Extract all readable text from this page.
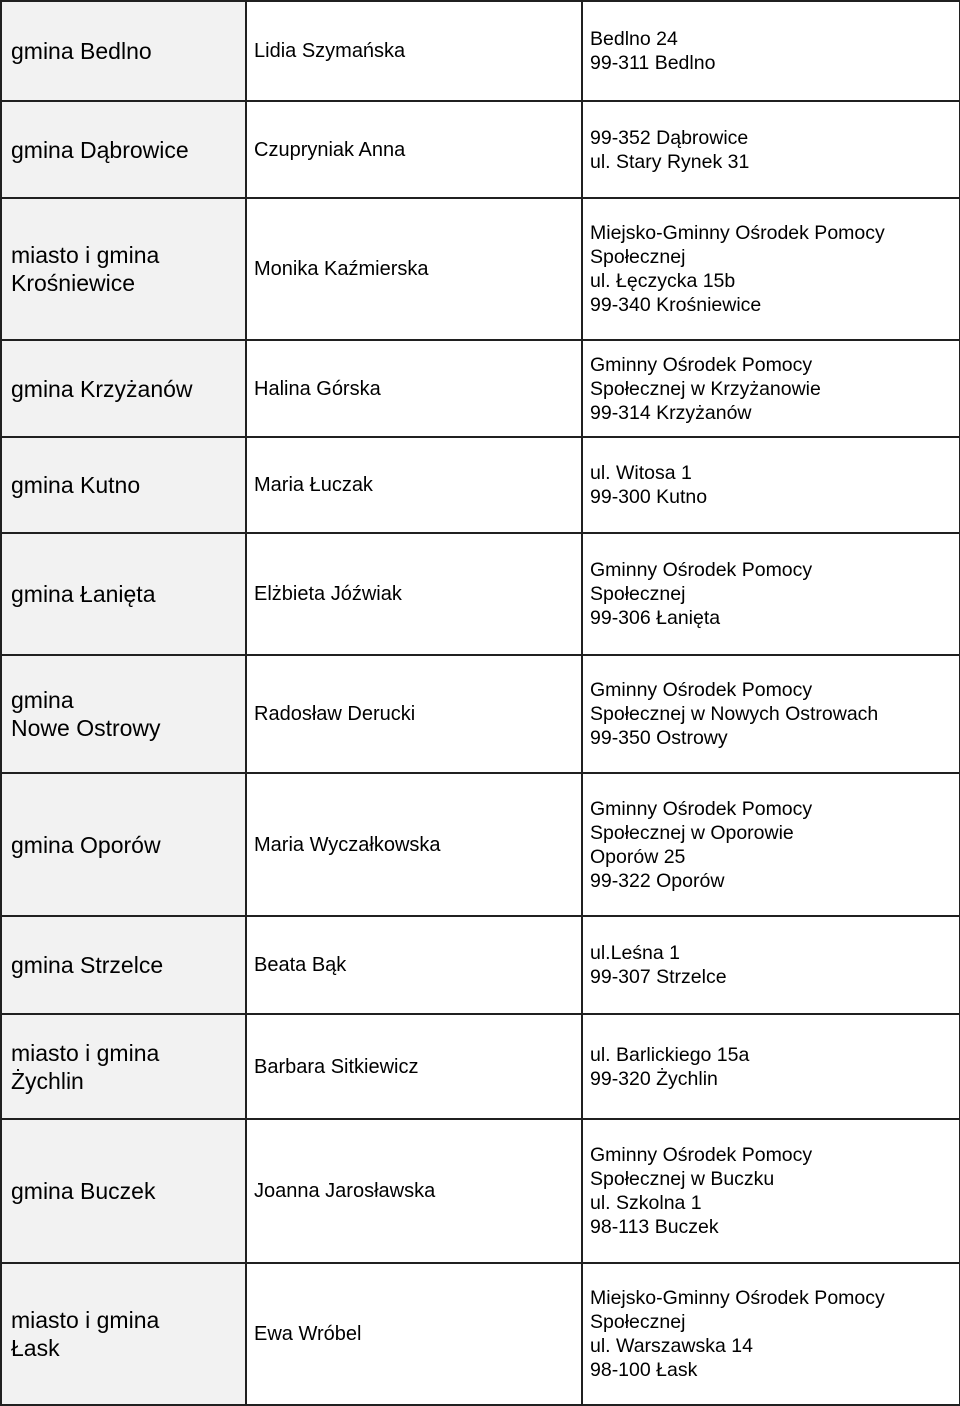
gmina Bedlno	Lidia Szymańska	Bedlno 24
99-311 Bedlno

gmina Dąbrowice	Czupryniak Anna	99-352 Dąbrowice
ul. Stary Rynek 31

miasto i gmina
Krośniewice	Monika Kaźmierska	Miejsko-Gminny Ośrodek Pomocy
Społecznej
ul. Łęczycka 15b
99-340 Krośniewice

gmina Krzyżanów	Halina Górska	Gminny Ośrodek Pomocy
Społecznej w Krzyżanowie
99-314 Krzyżanów

gmina Kutno	Maria Łuczak	ul. Witosa 1
99-300 Kutno

gmina Łanięta	Elżbieta Jóźwiak	Gminny Ośrodek Pomocy
Społecznej
99-306 Łanięta

gmina
Nowe Ostrowy	Radosław Derucki	Gminny Ośrodek Pomocy
Społecznej w Nowych Ostrowach
99-350 Ostrowy

gmina Oporów	Maria Wyczałkowska	Gminny Ośrodek Pomocy
Społecznej w Oporowie
Oporów 25
99-322 Oporów

gmina Strzelce	Beata Bąk	ul.Leśna 1
99-307 Strzelce

miasto i gmina
Żychlin	Barbara Sitkiewicz	ul. Barlickiego 15a
99-320 Żychlin

gmina Buczek	Joanna Jarosławska	Gminny Ośrodek Pomocy
Społecznej w Buczku
ul. Szkolna 1
98-113 Buczek

miasto i gmina
Łask	Ewa Wróbel	Miejsko-Gminny Ośrodek Pomocy
Społecznej
ul. Warszawska 14
98-100 Łask
